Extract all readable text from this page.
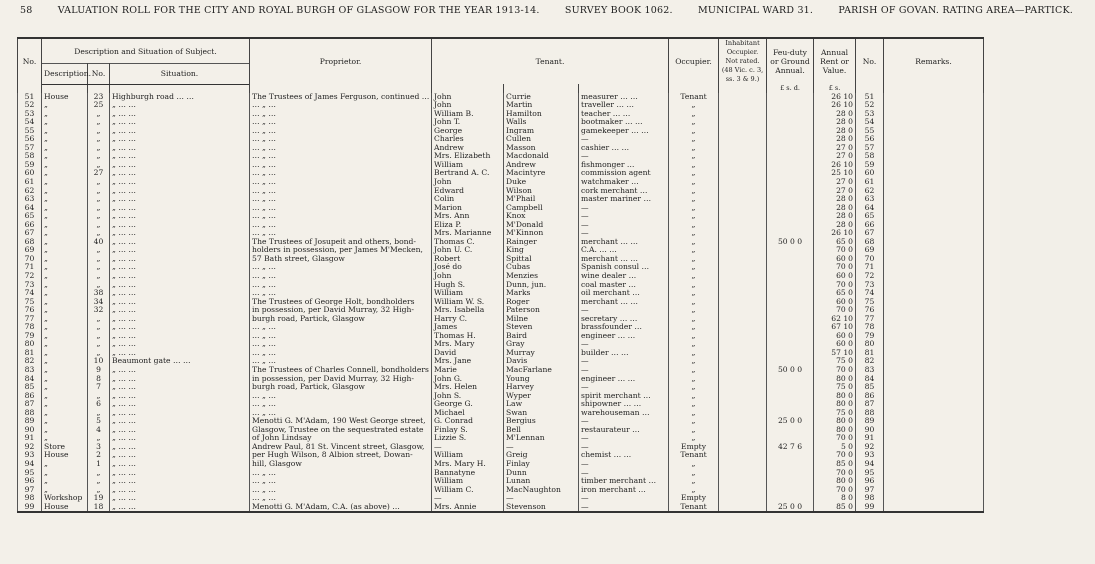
58	VALUATION ROLL FOR THE CITY AND ROYAL BURGH OF GLASGOW FOR THE YEAR 1913-14.	SURVEY BOOK 1062.	MUNICIPAL WARD 31.	PARISH OF GOVAN. RATING AREA—PARTICK.
No.	Description and Situation of Subject.			Proprietor.	Tenant.			Occupier.	Inhabitant Occupier.
Not rated.
(48 Vic. c. 3, ss. 3 & 9.)	Feu-duty
or Ground
Annual.	Annual
Rent or
Value.	No.	Remarks.
	Description.	No.	Situation.										
										£ s. d.	£ s.		
51	House	23	Highburgh road … …	The Trustees of James Ferguson, continued …	John	Currie	measurer … …	Tenant			26 10	51	
52	„	25	„ … …	… „ …	John	Martin	traveller … …	„			26 10	52	
53	„	„	„ … …	… „ …	William B.	Hamilton	teacher … …	„			28 0	53	
54	„	„	„ … …	… „ …	John T.	Walls	bootmaker … …	„			28 0	54	
55	„	„	„ … …	… „ …	George	Ingram	gamekeeper … …	„			28 0	55	
56	„	„	„ … …	… „ …	Charles	Cullen	—	„			28 0	56	
57	„	„	„ … …	… „ …	Andrew	Masson	cashier … …	„			27 0	57	
58	„	„	„ … …	… „ …	Mrs. Elizabeth	Macdonald	—	„			27 0	58	
59	„	„	„ … …	… „ …	William	Andrew	fishmonger …	„			26 10	59	
60	„	27	„ … …	… „ …	Bertrand A. C.	Macintyre	commission agent	„			25 10	60	
61	„	„	„ … …	… „ …	John	Duke	watchmaker …	„			27 0	61	
62	„	„	„ … …	… „ …	Edward	Wilson	cork merchant …	„			27 0	62	
63	„	„	„ … …	… „ …	Colin	M'Phail	master mariner …	„			28 0	63	
64	„	„	„ … …	… „ …	Marion	Campbell	—	„			28 0	64	
65	„	„	„ … …	… „ …	Mrs. Ann	Knox	—	„			28 0	65	
66	„	„	„ … …	… „ …	Eliza P.	M'Donald	—	„			28 0	66	
67	„	„	„ … …	… „ …	Mrs. Marianne	M'Kinnon	—	„			26 10	67	
68	„	40	„ … …	The Trustees of Josupeit and others, bond-	Thomas C.	Rainger	merchant … …	„		50 0 0	65 0	68	
69	„	„	„ … …	holders in possession, per James M'Mecken,	John U. C.	King	C.A. … …	„			70 0	69	
70	„	„	„ … …	57 Bath street, Glasgow	Robert	Spittal	merchant … …	„			60 0	70	
71	„	„	„ … …	… „ …	José do	Cubas	Spanish consul …	„			70 0	71	
72	„	„	„ … …	… „ …	John	Menzies	wine dealer …	„			60 0	72	
73	„	„	„ … …	… „ …	Hugh S.	Dunn, jun.	coal master …	„			70 0	73	
74	„	38	„ … …	… „ …	William	Marks	oil merchant …	„			65 0	74	
75	„	34	„ … …	The Trustees of George Holt, bondholders	William W. S.	Roger	merchant … …	„			60 0	75	
76	„	32	„ … …	in possession, per David Murray, 32 High-	Mrs. Isabella	Paterson	—	„			70 0	76	
77	„	„	„ … …	burgh road, Partick, Glasgow	Harry C.	Milne	secretary … …	„			62 10	77	
78	„	„	„ … …	… „ …	James	Steven	brassfounder …	„			67 10	78	
79	„	„	„ … …	… „ …	Thomas H.	Baird	engineer … …	„			60 0	79	
80	„	„	„ … …	… „ …	Mrs. Mary	Gray	—	„			60 0	80	
81	„	„	„ … …	… „ …	David	Murray	builder … …	„			57 10	81	
82	„	10	Beaumont gate … …	… „ …	Mrs. Jane	Davis	—	„			75 0	82	
83	„	9	„ … …	The Trustees of Charles Connell, bondholders	Marie	MacFarlane	—	„		50 0 0	70 0	83	
84	„	8	„ … …	in possession, per David Murray, 32 High-	John G.	Young	engineer … …	„			80 0	84	
85	„	7	„ … …	burgh road, Partick, Glasgow	Mrs. Helen	Harvey	—	„			75 0	85	
86	„	„	„ … …	… „ …	John S.	Wyper	spirit merchant …	„			80 0	86	
87	„	6	„ … …	… „ …	George G.	Law	shipowner … …	„			80 0	87	
88	„	„	„ … …	… „ …	Michael	Swan	warehouseman …	„			75 0	88	
89	„	5	„ … …	Menotti G. M'Adam, 190 West George street,	G. Conrad	Bergius	—	„		25 0 0	80 0	89	
90	„	4	„ … …	Glasgow, Trustee on the sequestrated estate	Finlay S.	Bell	restaurateur …	„			80 0	90	
91	„	„	„ … …	of John Lindsay	Lizzie S.	M'Lennan	—	„			70 0	91	
92	Store	3	„ … …	Andrew Paul, 81 St. Vincent street, Glasgow,	—	—	—	Empty		42 7 6	5 0	92	
93	House	2	„ … …	per Hugh Wilson, 8 Albion street, Dowan-	William	Greig	chemist … …	Tenant			70 0	93	
94	„	1	„ … …	hill, Glasgow	Mrs. Mary H.	Finlay	—	„			85 0	94	
95	„	„	„ … …	… „ …	Bannatyne	Dunn	—	„			70 0	95	
96	„	„	„ … …	… „ …	William	Lunan	timber merchant …	„			80 0	96	
97	„	„	„ … …	… „ …	William C.	MacNaughton	iron merchant …	„			70 0	97	
98	Workshop	19	„ … …	… „ …	—	—	—	Empty			8 0	98	
99	House	18	„ … …	Menotti G. M'Adam, C.A. (as above) …	Mrs. Annie	Stevenson	—	Tenant		25 0 0	85 0	99	
